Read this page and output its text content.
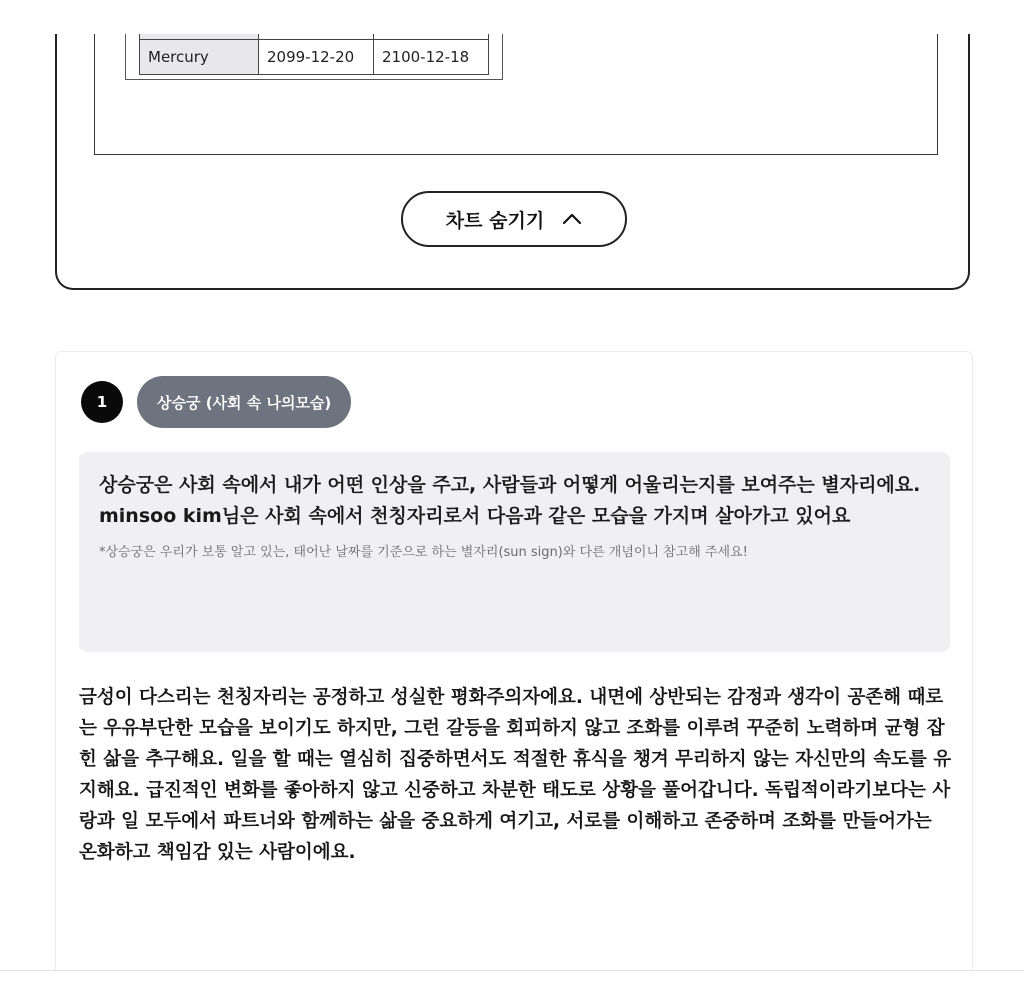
Mercury	2099-12-20	2100-12-18
차트 숨기기
1	상승궁 (사회 속 나의모습)

상승궁은 사회 속에서 내가 어떤 인상을 주고, 사람들과 어떻게 어울리는지를 보여주는 별자리에요. minsoo kim님은 사회 속에서 천칭자리로서 다음과 같은 모습을 가지며 살아가고 있어요

*상승궁은 우리가 보통 알고 있는, 태어난 날짜를 기준으로 하는 별자리(sun sign)와 다른 개념이니 참고해 주세요!

금성이 다스리는 천칭자리는 공정하고 성실한 평화주의자에요. 내면에 상반되는 감정과 생각이 공존해 때로는 우유부단한 모습을 보이기도 하지만, 그런 갈등을 회피하지 않고 조화를 이루려 꾸준히 노력하며 균형 잡힌 삶을 추구해요. 일을 할 때는 열심히 집중하면서도 적절한 휴식을 챙겨 무리하지 않는 자신만의 속도를 유지해요. 급진적인 변화를 좋아하지 않고 신중하고 차분한 태도로 상황을 풀어갑니다. 독립적이라기보다는 사랑과 일 모두에서 파트너와 함께하는 삶을 중요하게 여기고, 서로를 이해하고 존중하며 조화를 만들어가는 온화하고 책임감 있는 사람이에요.
